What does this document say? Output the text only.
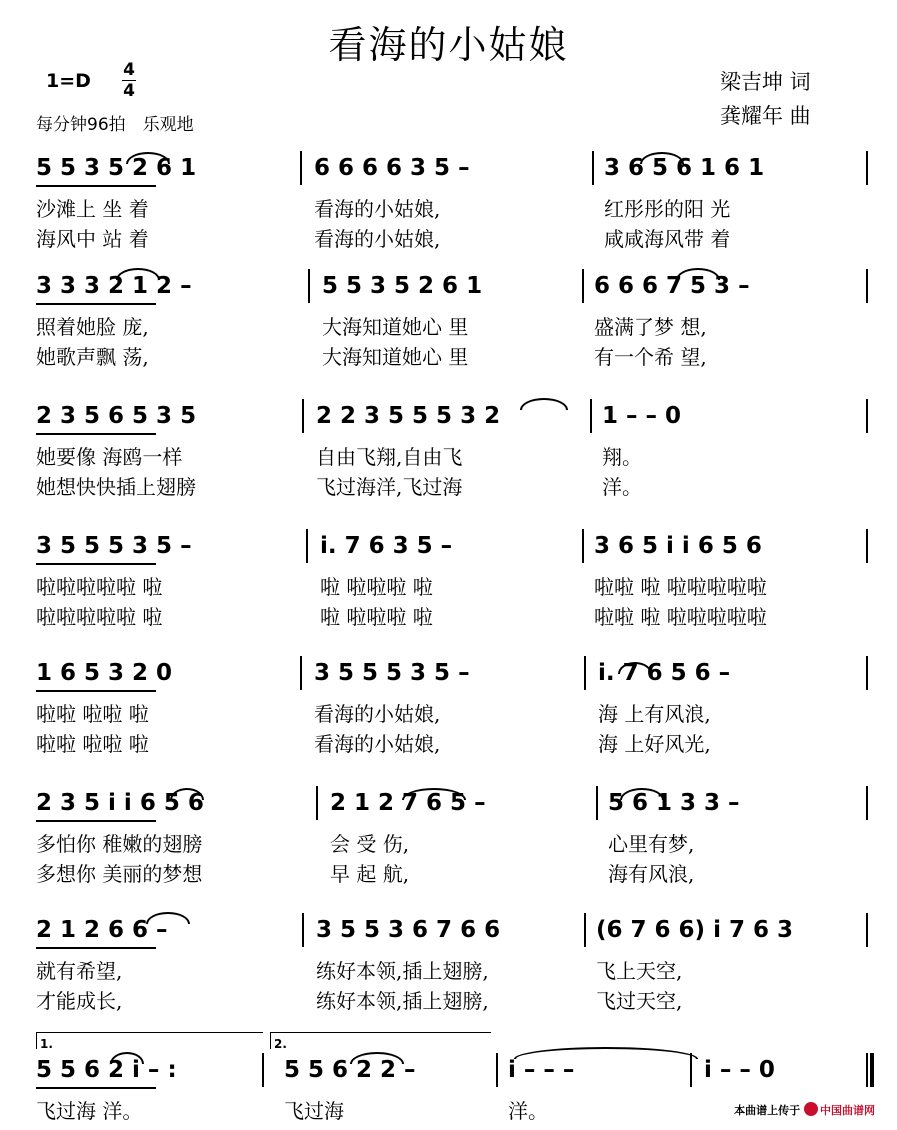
看海的小姑娘
1=D 4
4
每分钟96拍　乐观地
梁吉坤 词
龚耀年 曲
5 5 3 5 2 6 1	6 6 6 6 3 5 –	3 6 5 6 1 6 1
沙滩上 坐 着	看海的小姑娘,	红彤彤的阳 光
海风中 站 着	看海的小姑娘,	咸咸海风带 着
3 3 3 2 1 2 –	5 5 3 5 2 6 1	6 6 6 7 5 3 –
照着她脸 庞,	大海知道她心 里	盛满了梦 想,
她歌声飘 荡,	大海知道她心 里	有一个希 望,
2 3 5 6 5 3 5	2 2 3 5 5 5 3 2	1 – – 0
她要像 海鸥一样	自由飞翔,自由飞	翔。
她想快快插上翅膀	飞过海洋,飞过海	洋。
3 5 5 5 3 5 –	i. 7 6 3 5 –	3 6 5 i i 6 5 6
啦啦啦啦啦 啦	啦 啦啦啦 啦	啦啦 啦 啦啦啦啦啦
啦啦啦啦啦 啦	啦 啦啦啦 啦	啦啦 啦 啦啦啦啦啦
1 6 5 3 2 0	3 5 5 5 3 5 –	i. 7 6 5 6 –
啦啦 啦啦 啦	看海的小姑娘,	海 上有风浪,
啦啦 啦啦 啦	看海的小姑娘,	海 上好风光,
2 3 5 i i 6 5 6	2 1 2 7 6 5 –	5 6 1 3 3 –
多怕你 稚嫩的翅膀	会 受 伤,	心里有梦,
多想你 美丽的梦想	早 起 航,	海有风浪,
2 1 2 6 6 –	3 5 5 3 6 7 6 6	(6 7 6 6) i 7 6 3
就有希望,	练好本领,插上翅膀,	飞上天空,
才能成长,	练好本领,插上翅膀,	飞过天空,
5 5 6 2 i – :	5 5 6 2 2 –	i – – –	i – – 0
飞过海 洋。	飞过海	洋。
1.	2.
本曲谱上传于 中国曲谱网
